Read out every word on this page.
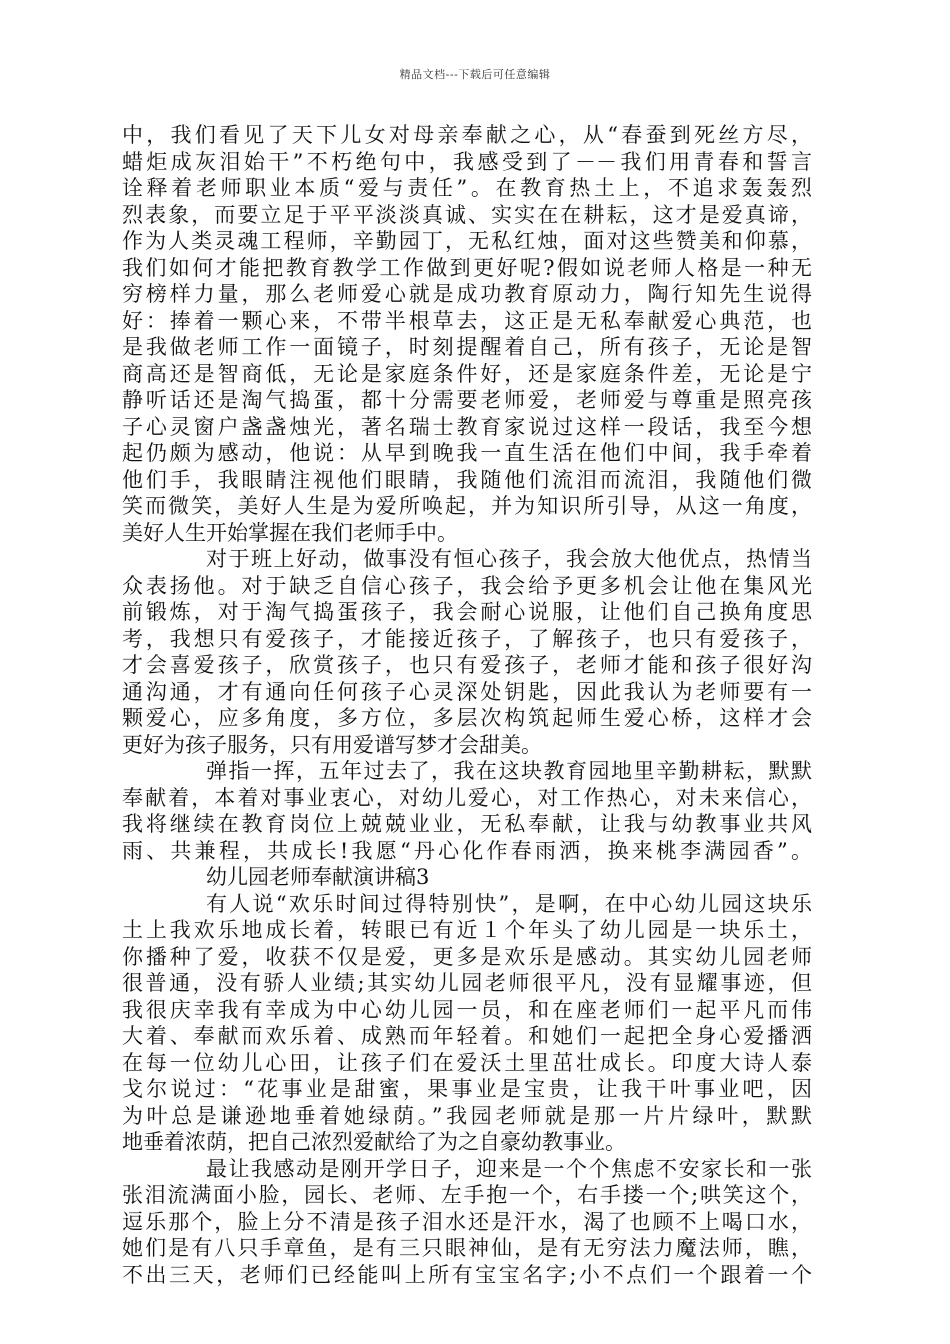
精品文档---下载后可任意编辑
中，我们看见了天下儿女对母亲奉献之心，从“春蚕到死丝方尽，
蜡炬成灰泪始干”不朽绝句中，我感受到了－－我们用青春和誓言
诠释着老师职业本质“爱与责任”。在教育热土上，不追求轰轰烈
烈表象，而要立足于平平淡淡真诚、实实在在耕耘，这才是爱真谛，
作为人类灵魂工程师，辛勤园丁，无私红烛，面对这些赞美和仰慕，
我们如何才能把教育教学工作做到更好呢?假如说老师人格是一种无
穷榜样力量，那么老师爱心就是成功教育原动力，陶行知先生说得
好：捧着一颗心来，不带半根草去，这正是无私奉献爱心典范，也
是我做老师工作一面镜子，时刻提醒着自己，所有孩子，无论是智
商高还是智商低，无论是家庭条件好，还是家庭条件差，无论是宁
静听话还是淘气捣蛋，都十分需要老师爱，老师爱与尊重是照亮孩
子心灵窗户盏盏烛光，著名瑞士教育家说过这样一段话，我至今想
起仍颇为感动，他说：从早到晚我一直生活在他们中间，我手牵着
他们手，我眼睛注视他们眼睛，我随他们流泪而流泪，我随他们微
笑而微笑，美好人生是为爱所唤起，并为知识所引导，从这一角度，
美好人生开始掌握在我们老师手中。
对于班上好动，做事没有恒心孩子，我会放大他优点，热情当
众表扬他。对于缺乏自信心孩子，我会给予更多机会让他在集风光
前锻炼，对于淘气捣蛋孩子，我会耐心说服，让他们自己换角度思
考，我想只有爱孩子，才能接近孩子，了解孩子，也只有爱孩子，
才会喜爱孩子，欣赏孩子，也只有爱孩子，老师才能和孩子很好沟
通沟通，才有通向任何孩子心灵深处钥匙，因此我认为老师要有一
颗爱心，应多角度，多方位，多层次构筑起师生爱心桥，这样才会
更好为孩子服务，只有用爱谱写梦才会甜美。
弹指一挥，五年过去了，我在这块教育园地里辛勤耕耘，默默
奉献着，本着对事业衷心，对幼儿爱心，对工作热心，对未来信心，
我将继续在教育岗位上兢兢业业，无私奉献，让我与幼教事业共风
雨、共兼程，共成长!我愿“丹心化作春雨洒，换来桃李满园香”。
幼儿园老师奉献演讲稿3
有人说“欢乐时间过得特别快”，是啊，在中心幼儿园这块乐
土上我欢乐地成长着，转眼已有近１个年头了幼儿园是一块乐土，
你播种了爱，收获不仅是爱，更多是欢乐是感动。其实幼儿园老师
很普通，没有骄人业绩;其实幼儿园老师很平凡，没有显耀事迹，但
我很庆幸我有幸成为中心幼儿园一员，和在座老师们一起平凡而伟
大着、奉献而欢乐着、成熟而年轻着。和她们一起把全身心爱播洒
在每一位幼儿心田，让孩子们在爱沃土里茁壮成长。印度大诗人泰
戈尔说过：“花事业是甜蜜，果事业是宝贵，让我干叶事业吧，因
为叶总是谦逊地垂着她绿荫。”我园老师就是那一片片绿叶，默默
地垂着浓荫，把自己浓烈爱献给了为之自豪幼教事业。
最让我感动是刚开学日子，迎来是一个个焦虑不安家长和一张
张泪流满面小脸，园长、老师、左手抱一个，右手搂一个;哄笑这个，
逗乐那个，脸上分不清是孩子泪水还是汗水，渴了也顾不上喝口水，
她们是有八只手章鱼，是有三只眼神仙，是有无穷法力魔法师，瞧，
不出三天，老师们已经能叫上所有宝宝名字;小不点们一个跟着一个
